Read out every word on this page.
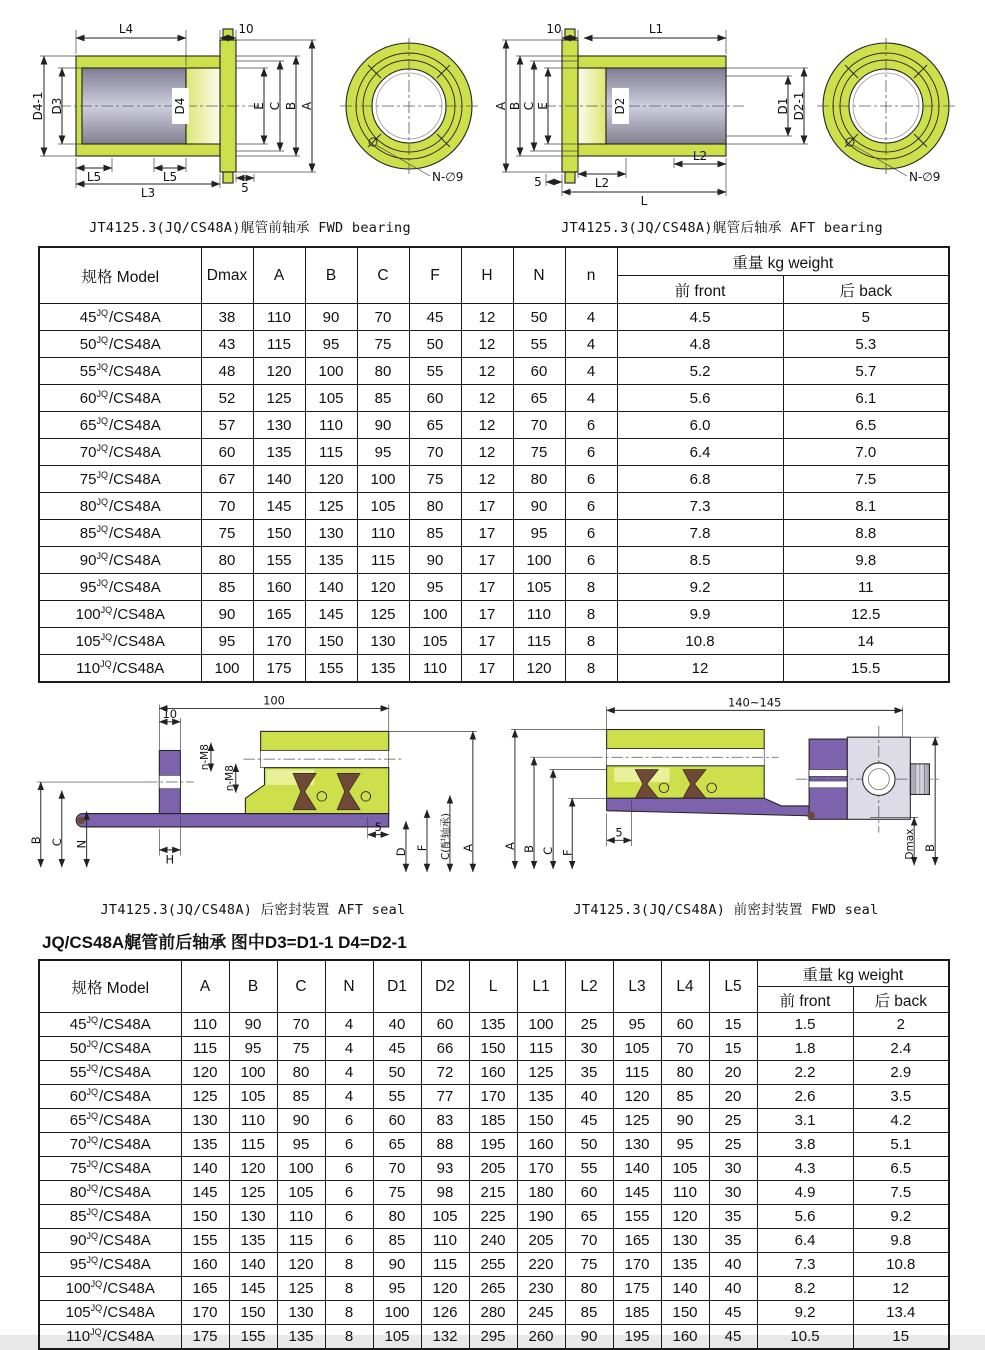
D4
L4	10
D4-1 D3	E C B A
L5	L5
L3	5
N-∅9
JT4125.3(JQ/CS48A)艉管前轴承 FWD bearing
D2
10	L1
A B C E	D1 D2-1
L2
L2
5
L
N-∅9
JT4125.3(JQ/CS48A)艉管后轴承 AFT bearing
规格 Model	Dmax	A	B	C	F	H	N	n	重量 kg weight	
									前 front	后 back
$45^{JQ}/CS48A$	38	110	90	70	45	12	50	4	4.5	5
$50^{JQ}/CS48A$	43	115	95	75	50	12	55	4	4.8	5.3
$55^{JQ}/CS48A$	48	120	100	80	55	12	60	4	5.2	5.7
$60^{JQ}/CS48A$	52	125	105	85	60	12	65	4	5.6	6.1
$65^{JQ}/CS48A$	57	130	110	90	65	12	70	6	6.0	6.5
$70^{JQ}/CS48A$	60	135	115	95	70	12	75	6	6.4	7.0
$75^{JQ}/CS48A$	67	140	120	100	75	12	80	6	6.8	7.5
$80^{JQ}/CS48A$	70	145	125	105	80	17	90	6	7.3	8.1
$85^{JQ}/CS48A$	75	150	130	110	85	17	95	6	7.8	8.8
$90^{JQ}/CS48A$	80	155	135	115	90	17	100	6	8.5	9.8
$95^{JQ}/CS48A$	85	160	140	120	95	17	105	8	9.2	11
$100^{JQ}/CS48A$	90	165	145	125	100	17	110	8	9.9	12.5
$105^{JQ}/CS48A$	95	170	150	130	105	17	115	8	10.8	14
$110^{JQ}/CS48A$	100	175	155	135	110	17	120	8	12	15.5
100
10
n-M8
n-M8
B C N
H
5
D F C(配轴承) A
JT4125.3(JQ/CS48A) 后密封装置 AFT seal
140~145
A B C F
5	Dmax B
JT4125.3(JQ/CS48A) 前密封装置 FWD seal
JQ/CS48A艉管前后轴承 图中D3=D1-1 D4=D2-1
规格 Model	A	B	C	N	D1	D2	L	L1	L2	L3	L4	L5	重量 kg weight	
													前 front	后 back
$45^{JQ}/CS48A$	110	90	70	4	40	60	135	100	25	95	60	15	1.5	2
$50^{JQ}/CS48A$	115	95	75	4	45	66	150	115	30	105	70	15	1.8	2.4
$55^{JQ}/CS48A$	120	100	80	4	50	72	160	125	35	115	80	20	2.2	2.9
$60^{JQ}/CS48A$	125	105	85	4	55	77	170	135	40	120	85	20	2.6	3.5
$65^{JQ}/CS48A$	130	110	90	6	60	83	185	150	45	125	90	25	3.1	4.2
$70^{JQ}/CS48A$	135	115	95	6	65	88	195	160	50	130	95	25	3.8	5.1
$75^{JQ}/CS48A$	140	120	100	6	70	93	205	170	55	140	105	30	4.3	6.5
$80^{JQ}/CS48A$	145	125	105	6	75	98	215	180	60	145	110	30	4.9	7.5
$85^{JQ}/CS48A$	150	130	110	6	80	105	225	190	65	155	120	35	5.6	9.2
$90^{JQ}/CS48A$	155	135	115	6	85	110	240	205	70	165	130	35	6.4	9.8
$95^{JQ}/CS48A$	160	140	120	8	90	115	255	220	75	170	135	40	7.3	10.8
$100^{JQ}/CS48A$	165	145	125	8	95	120	265	230	80	175	140	40	8.2	12
$105^{JQ}/CS48A$	170	150	130	8	100	126	280	245	85	185	150	45	9.2	13.4
$110^{JQ}/CS48A$	175	155	135	8	105	132	295	260	90	195	160	45	10.5	15
